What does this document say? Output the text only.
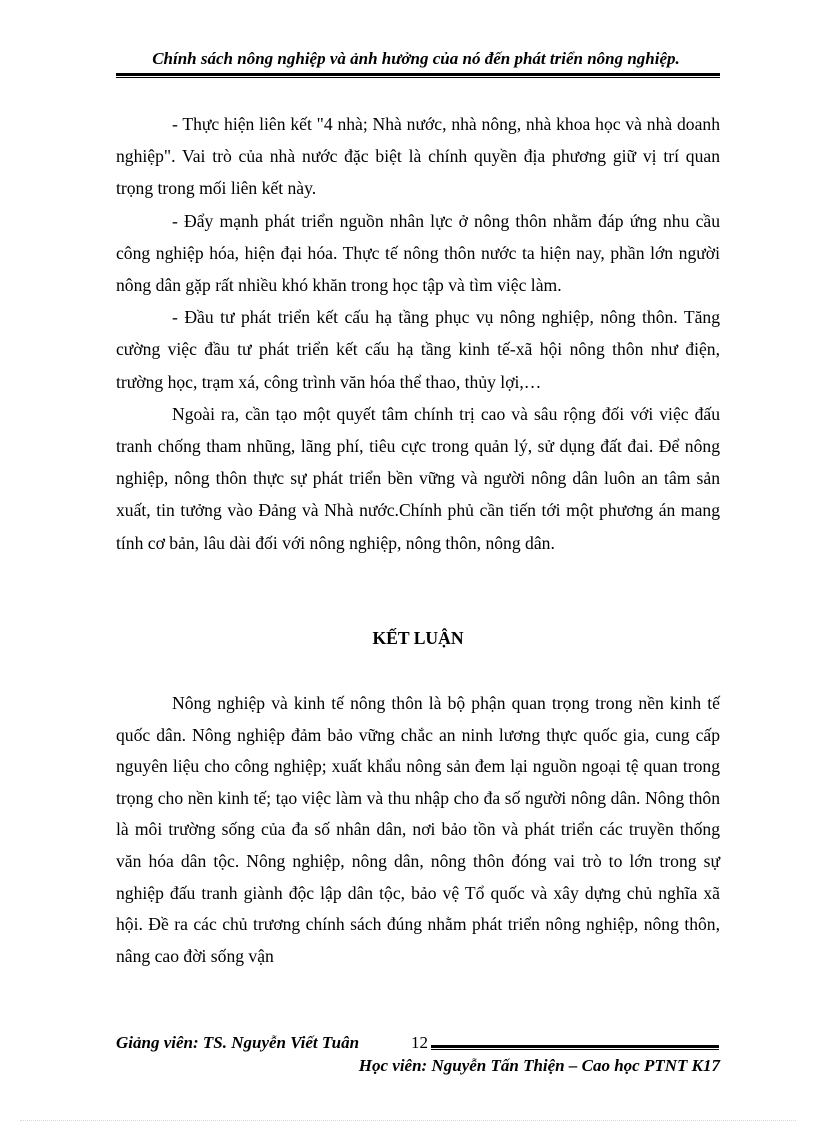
Chính sách nông nghiệp và ảnh hưởng của nó đến phát triển nông nghiệp.

- Thực hiện liên kết "4 nhà; Nhà nước, nhà nông, nhà khoa học và nhà doanh nghiệp". Vai trò của nhà nước đặc biệt là chính quyền địa phương giữ vị trí quan trọng trong mối liên kết này.

- Đẩy mạnh phát triển nguồn nhân lực ở nông thôn nhằm đáp ứng nhu cầu công nghiệp hóa, hiện đại hóa. Thực tế nông thôn nước ta hiện nay, phần lớn người nông dân gặp rất nhiều khó khăn trong học tập và tìm việc làm.

- Đầu tư phát triển kết cấu hạ tầng phục vụ nông nghiệp, nông thôn. Tăng cường việc đầu tư phát triển kết cấu hạ tầng kinh tế-xã hội nông thôn như điện, trường học, trạm xá, công trình văn hóa thể thao, thủy lợi,…

Ngoài ra, cần tạo một quyết tâm chính trị cao và sâu rộng đối với việc đấu tranh chống tham nhũng, lãng phí, tiêu cực trong quản lý, sử dụng đất đai. Để nông nghiệp, nông thôn thực sự phát triển bền vững và người nông dân luôn an tâm sản xuất, tin tưởng vào Đảng và Nhà nước.Chính phủ cần tiến tới một phương án mang tính cơ bản, lâu dài đối với nông nghiệp, nông thôn, nông dân.

KẾT LUẬN

Nông nghiệp và kinh tế nông thôn là bộ phận quan trọng trong nền kinh tế quốc dân. Nông nghiệp đảm bảo vững chắc an ninh lương thực quốc gia, cung cấp nguyên liệu cho công nghiệp; xuất khẩu nông sản đem lại nguồn ngoại tệ quan trong trọng cho nền kinh tế; tạo việc làm và thu nhập cho đa số người nông dân. Nông thôn là môi trường sống của đa số nhân dân, nơi bảo tồn và phát triển các truyền thống văn hóa dân tộc. Nông nghiệp, nông dân, nông thôn đóng vai trò to lớn trong sự nghiệp đấu tranh giành độc lập dân tộc, bảo vệ Tổ quốc và xây dựng chủ nghĩa xã hội. Đề ra các chủ trương chính sách đúng nhằm phát triển nông nghiệp, nông thôn, nâng cao đời sống vận

Giảng viên: TS. Nguyễn Viết Tuân	12
Học viên: Nguyễn Tấn Thiện – Cao học PTNT K17
